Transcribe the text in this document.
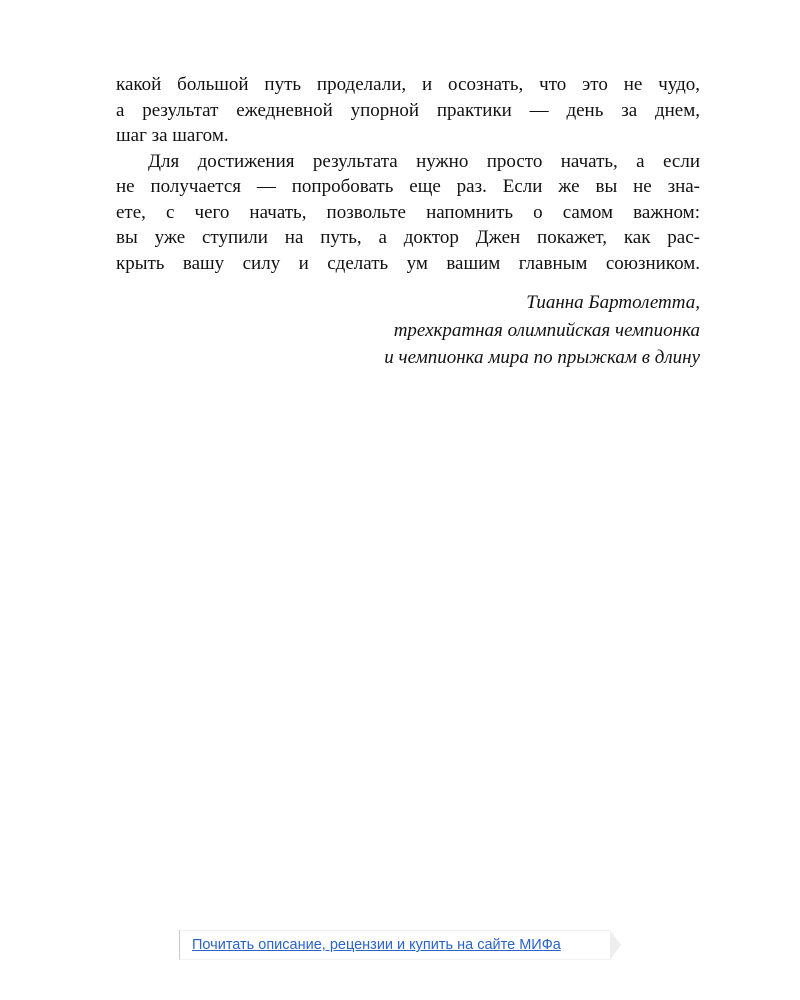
какой большой путь проделали, и осознать, что это не чудо,
а результат ежедневной упорной практики — день за днем,
шаг за шагом.
Для достижения результата нужно просто начать, а если
не получается — попробовать еще раз. Если же вы не зна-
ете, с чего начать, позвольте напомнить о самом важном:
вы уже ступили на путь, а доктор Джен покажет, как рас-
крыть вашу силу и сделать ум вашим главным союзником.
Тианна Бартолетта,
трехкратная олимпийская чемпионка
и чемпионка мира по прыжкам в длину
Почитать описание, рецензии и купить на сайте МИФа
